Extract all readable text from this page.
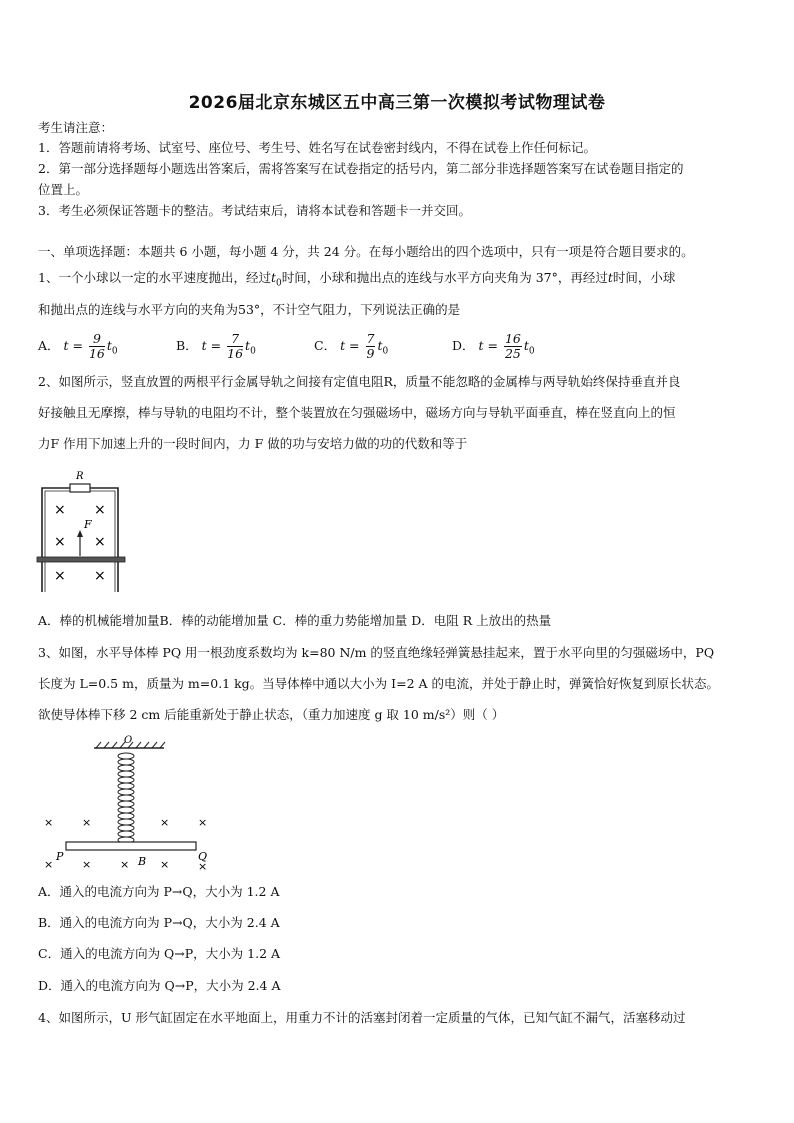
2026届北京东城区五中高三第一次模拟考试物理试卷
考生请注意：
1．答题前请将考场、试室号、座位号、考生号、姓名写在试卷密封线内，不得在试卷上作任何标记。
2．第一部分选择题每小题选出答案后，需将答案写在试卷指定的括号内，第二部分非选择题答案写在试卷题目指定的
位置上。
3．考生必须保证答题卡的整洁。考试结束后，请将本试卷和答题卡一并交回。
一、单项选择题：本题共 6 小题，每小题 4 分，共 24 分。在每小题给出的四个选项中，只有一项是符合题目要求的。
1、一个小球以一定的水平速度抛出，经过$t_0$时间，小球和抛出点的连线与水平方向夹角为 37°，再经过t时间，小球
和抛出点的连线与水平方向的夹角为53°，不计空气阻力，下列说法正确的是
A． $t = \frac{9}{16} t_0$	B． $t = \frac{7}{16} t_0$	C． $t = \frac{7}{9} t_0$	D． $t = \frac{16}{25} t_0$
2、如图所示，竖直放置的两根平行金属导轨之间接有定值电阻R，质量不能忽略的金属棒与两导轨始终保持垂直并良
好接触且无摩擦，棒与导轨的电阻均不计，整个装置放在匀强磁场中，磁场方向与导轨平面垂直，棒在竖直向上的恒
力F 作用下加速上升的一段时间内，力 F 做的功与安培力做的功的代数和等于
R
× ×
× ×
× ×
F
A．棒的机械能增加量B．棒的动能增加量 C．棒的重力势能增加量 D．电阻 R 上放出的热量
3、如图，水平导体棒 PQ 用一根劲度系数均为 k=80 N/m 的竖直绝缘轻弹簧悬挂起来，置于水平向里的匀强磁场中，PQ
长度为 L=0.5 m，质量为 m=0.1 kg。当导体棒中通以大小为 I=2 A 的电流，并处于静止时，弹簧恰好恢复到原长状态。
欲使导体棒下移 2 cm 后能重新处于静止状态，（重力加速度 g 取 10 m/s²）则（ ）
O
×	×	×	×
P	Q
×	×	× B ×	×
A．通入的电流方向为 P→Q，大小为 1.2 A
B．通入的电流方向为 P→Q，大小为 2.4 A
C．通入的电流方向为 Q→P，大小为 1.2 A
D．通入的电流方向为 Q→P，大小为 2.4 A
4、如图所示，U 形气缸固定在水平地面上，用重力不计的活塞封闭着一定质量的气体，已知气缸不漏气，活塞移动过
